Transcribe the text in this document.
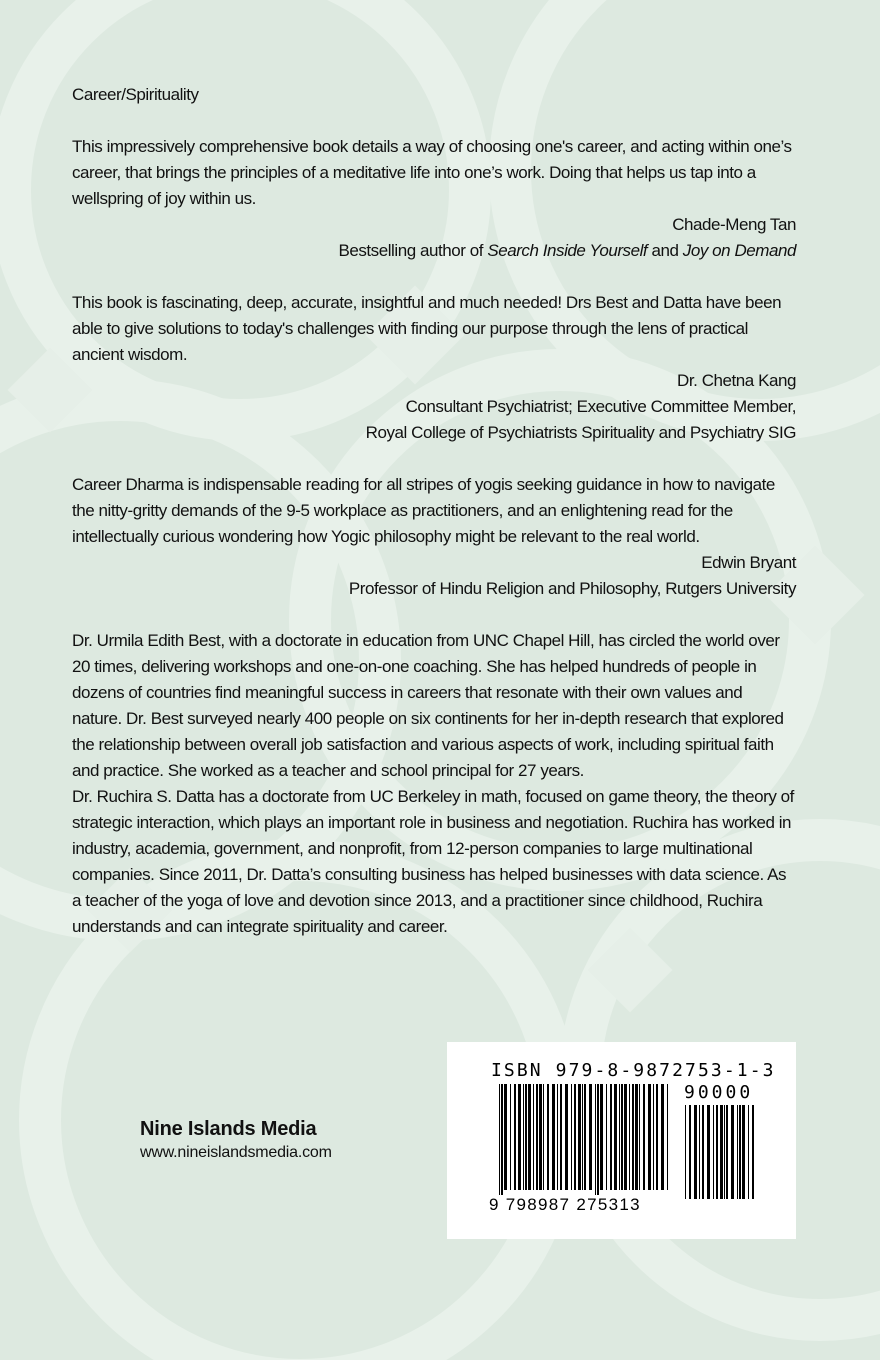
Career/Spirituality

This impressively comprehensive book details a way of choosing one's career, and acting within one’s career, that brings the principles of a meditative life into one’s work. Doing that helps us tap into a wellspring of joy within us.

Chade-Meng Tan

Bestselling author of Search Inside Yourself and Joy on Demand

This book is fascinating, deep, accurate, insightful and much needed! Drs Best and Datta have been able to give solutions to today's challenges with finding our purpose through the lens of practical ancient wisdom.

Dr. Chetna Kang

Consultant Psychiatrist; Executive Committee Member,

Royal College of Psychiatrists Spirituality and Psychiatry SIG

Career Dharma is indispensable reading for all stripes of yogis seeking guidance in how to navigate the nitty-gritty demands of the 9-5 workplace as practitioners, and an enlightening read for the intellectually curious wondering how Yogic philosophy might be relevant to the real world.

Edwin Bryant

Professor of Hindu Religion and Philosophy, Rutgers University

Dr. Urmila Edith Best, with a doctorate in education from UNC Chapel Hill, has circled the world over 20 times, delivering workshops and one-on-one coaching. She has helped hundreds of people in dozens of countries find meaningful success in careers that resonate with their own values and nature. Dr. Best surveyed nearly 400 people on six continents for her in-depth research that explored the relationship between overall job satisfaction and various aspects of work, including spiritual faith and practice. She worked as a teacher and school principal for 27 years.

Dr. Ruchira S. Datta has a doctorate from UC Berkeley in math, focused on game theory, the theory of strategic interaction, which plays an important role in business and negotiation. Ruchira has worked in industry, academia, government, and nonprofit, from 12-person companies to large multinational companies. Since 2011, Dr. Datta’s consulting business has helped businesses with data science. As a teacher of the yoga of love and devotion since 2013, and a practitioner since childhood, Ruchira understands and can integrate spirituality and career.

Nine Islands Media
www.nineislandsmedia.com
ISBN 979-8-9872753-1-3
90000
9 798987 275313
